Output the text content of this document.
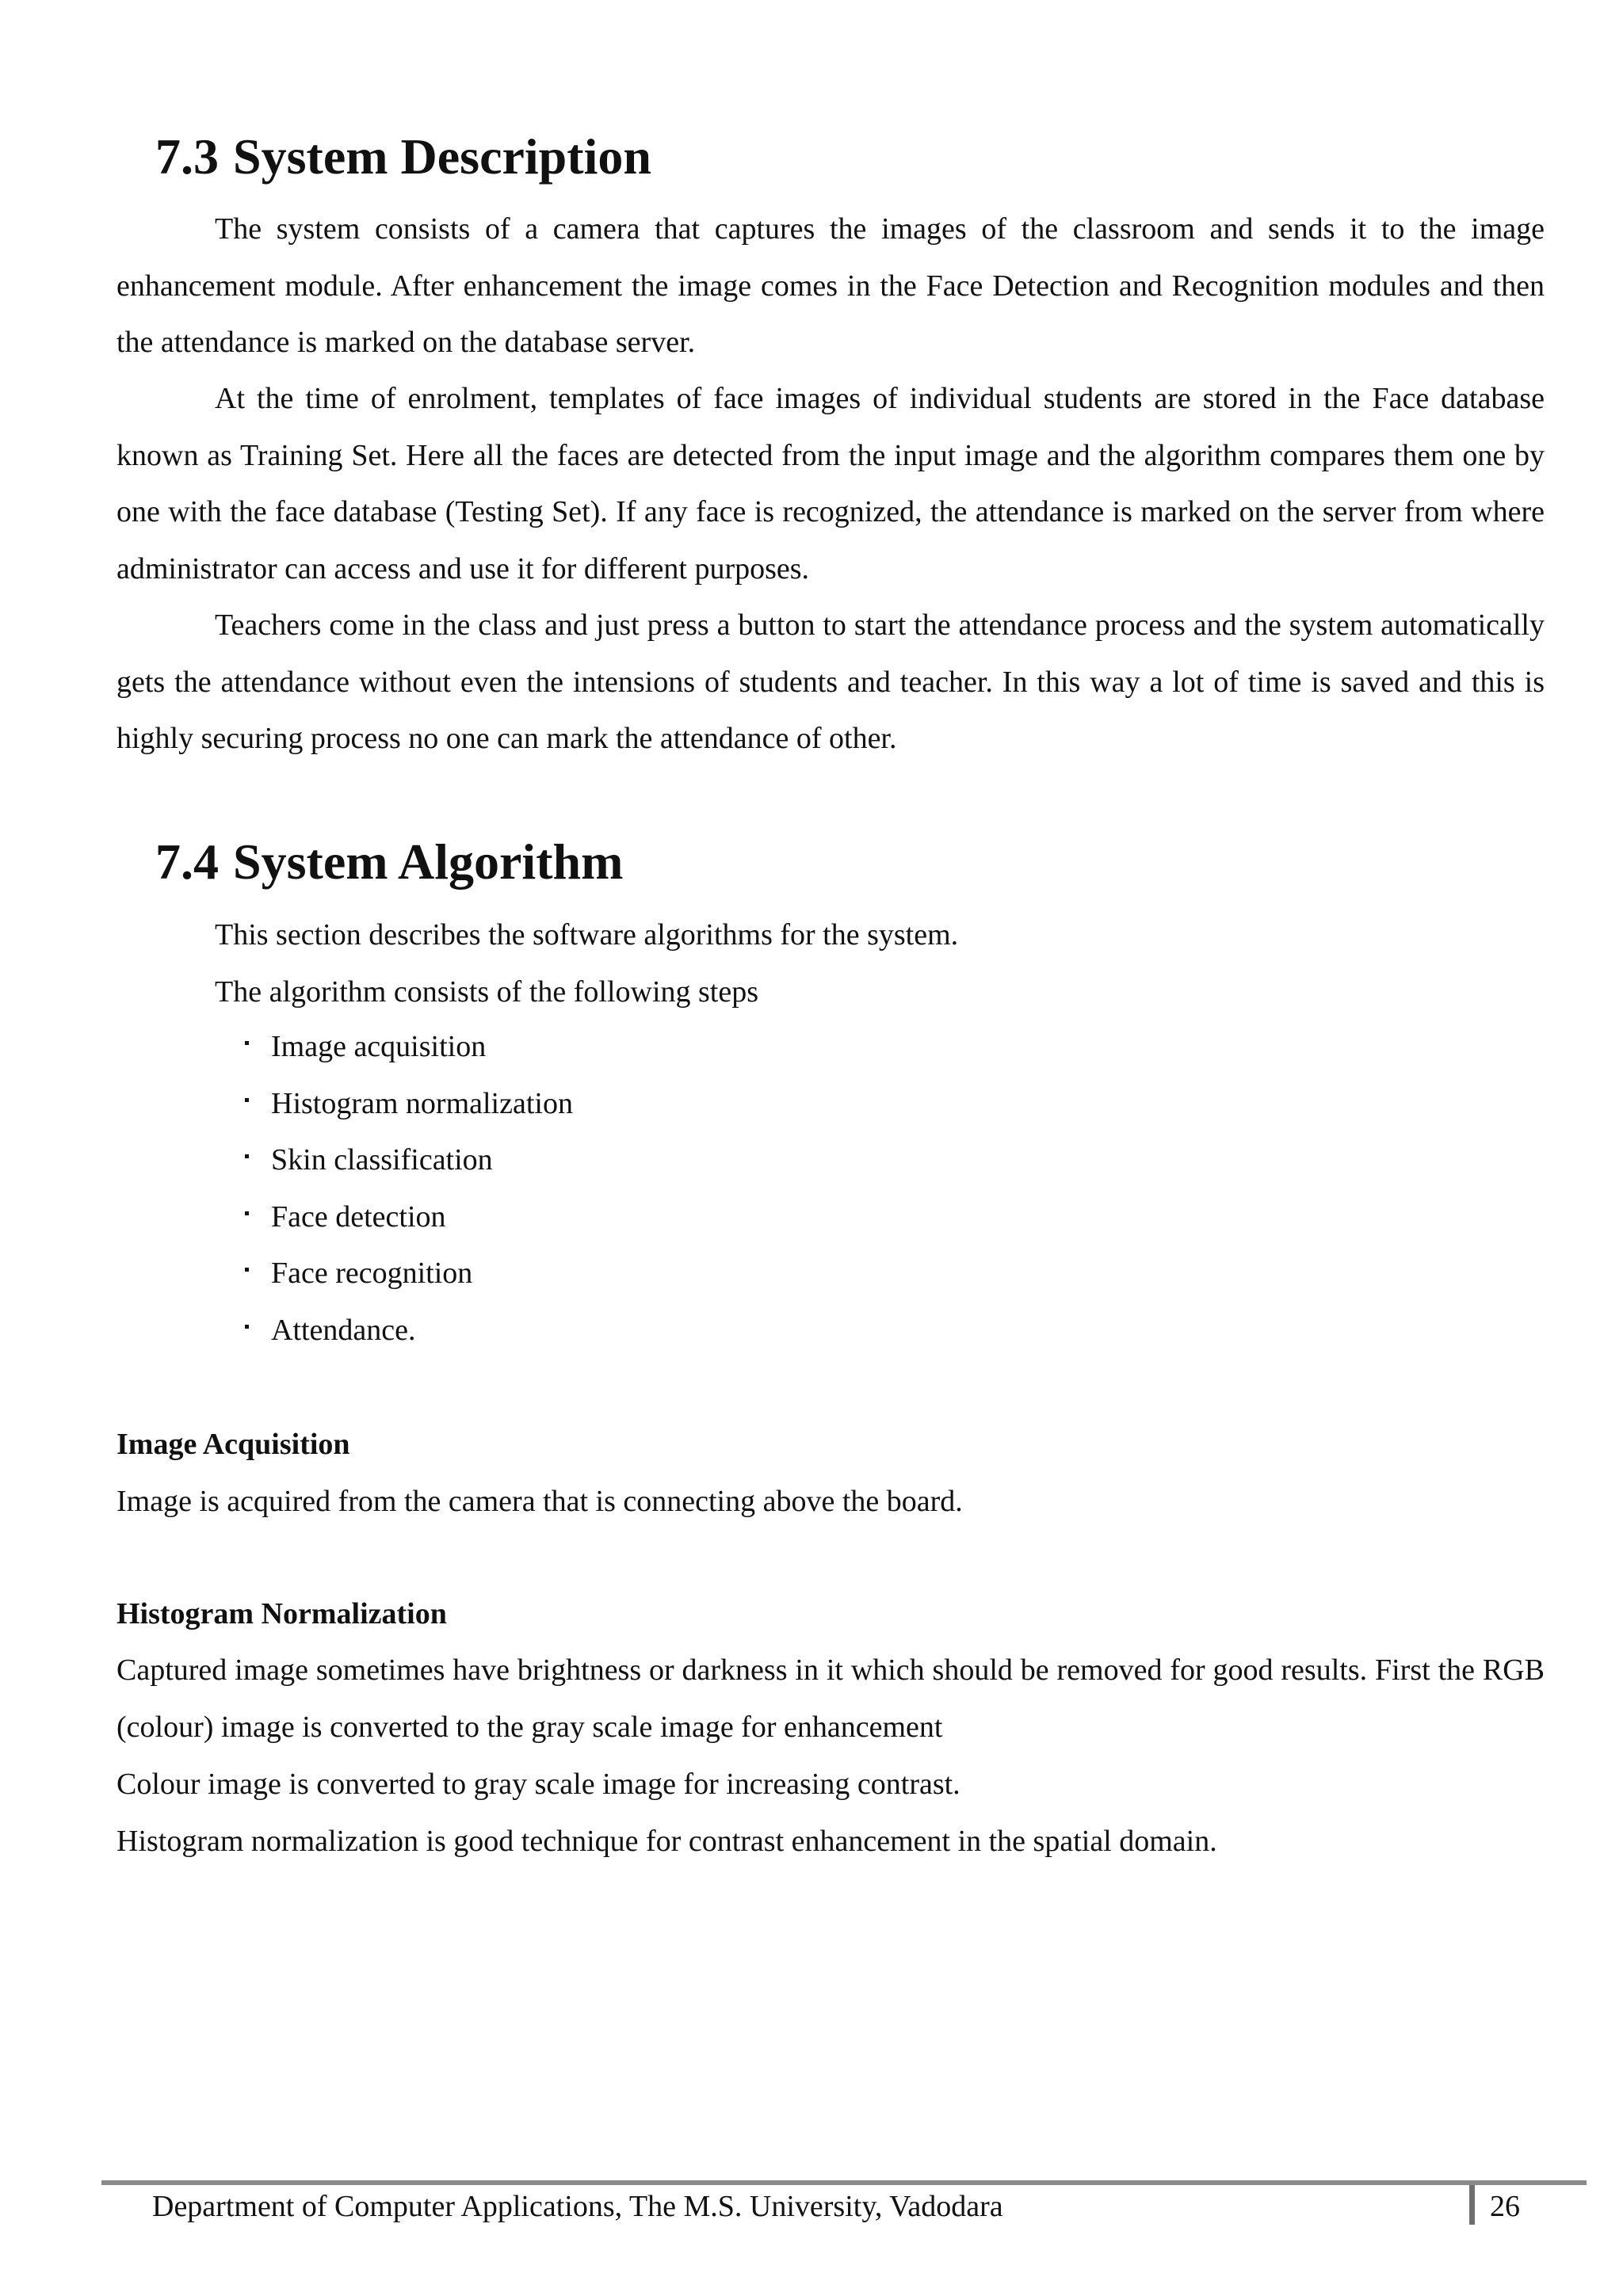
7.3 System Description

The system consists of a camera that captures the images of the classroom and sends it to the image enhancement module. After enhancement the image comes in the Face Detection and Recognition modules and then the attendance is marked on the database server.

At the time of enrolment, templates of face images of individual students are stored in the Face database known as Training Set. Here all the faces are detected from the input image and the algorithm compares them one by one with the face database (Testing Set). If any face is recognized, the attendance is marked on the server from where administrator can access and use it for different purposes.

Teachers come in the class and just press a button to start the attendance process and the system automatically gets the attendance without even the intensions of students and teacher. In this way a lot of time is saved and this is highly securing process no one can mark the attendance of other.

7.4 System Algorithm

This section describes the software algorithms for the system.

The algorithm consists of the following steps

Image acquisition
Histogram normalization
Skin classification
Face detection
Face recognition
Attendance.
Image Acquisition

Image is acquired from the camera that is connecting above the board.

Histogram Normalization

Captured image sometimes have brightness or darkness in it which should be removed for good results. First the RGB (colour) image is converted to the gray scale image for enhancement

Colour image is converted to gray scale image for increasing contrast.

Histogram normalization is good technique for contrast enhancement in the spatial domain.

Department of Computer Applications, The M.S. University, Vadodara	26
